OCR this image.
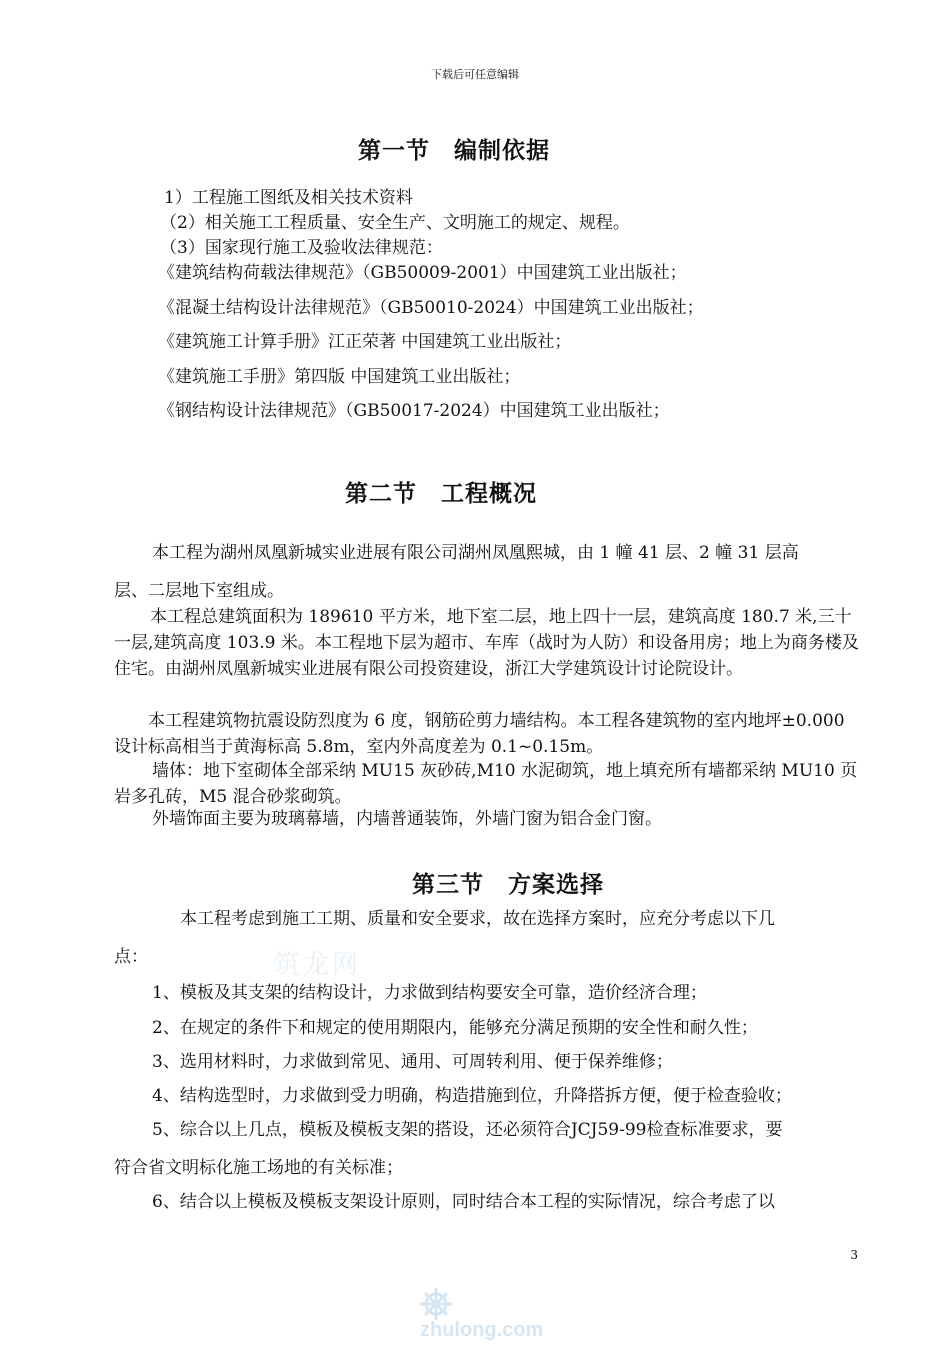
下载后可任意编辑
第一节　编制依据
1）工程施工图纸及相关技术资料
（2）相关施工工程质量、安全生产、文明施工的规定、规程。
（3）国家现行施工及验收法律规范：
《建筑结构荷载法律规范》（GB50009-2001）中国建筑工业出版社；
《混凝土结构设计法律规范》（GB50010-2024）中国建筑工业出版社；
《建筑施工计算手册》江正荣著 中国建筑工业出版社；
《建筑施工手册》第四版 中国建筑工业出版社；
《钢结构设计法律规范》（GB50017-2024）中国建筑工业出版社；
第二节　工程概况
本工程为湖州凤凰新城实业进展有限公司湖州凤凰熙城，由 1 幢 41 层、2 幢 31 层高
层、二层地下室组成。
本工程总建筑面积为 189610 平方米，地下室二层，地上四十一层，建筑高度 180.7 米,三十一层,建筑高度 103.9 米。本工程地下层为超市、车库（战时为人防）和设备用房；地上为商务楼及住宅。由湖州凤凰新城实业进展有限公司投资建设，浙江大学建筑设计讨论院设计。
本工程建筑物抗震设防烈度为 6 度，钢筋砼剪力墙结构。本工程各建筑物的室内地坪±0.000 设计标高相当于黄海标高 5.8m，室内外高度差为 0.1~0.15m。
墙体：地下室砌体全部采纳 MU15 灰砂砖,M10 水泥砌筑，地上填充所有墙都采纳 MU10 页岩多孔砖，M5 混合砂浆砌筑。
外墙饰面主要为玻璃幕墙，内墙普通装饰，外墙门窗为铝合金门窗。
筑龙网
第三节　方案选择
本工程考虑到施工工期、质量和安全要求，故在选择方案时，应充分考虑以下几
点：
1、模板及其支架的结构设计，力求做到结构要安全可靠，造价经济合理；
2、在规定的条件下和规定的使用期限内，能够充分满足预期的安全性和耐久性；
3、选用材料时，力求做到常见、通用、可周转利用、便于保养维修；
4、结构选型时，力求做到受力明确，构造措施到位，升降搭拆方便，便于检查验收；
5、综合以上几点，模板及模板支架的搭设，还必须符合JCJ59-99检查标准要求，要
符合省文明标化施工场地的有关标准；
6、结合以上模板及模板支架设计原则，同时结合本工程的实际情况，综合考虑了以
3
zhulong.com
